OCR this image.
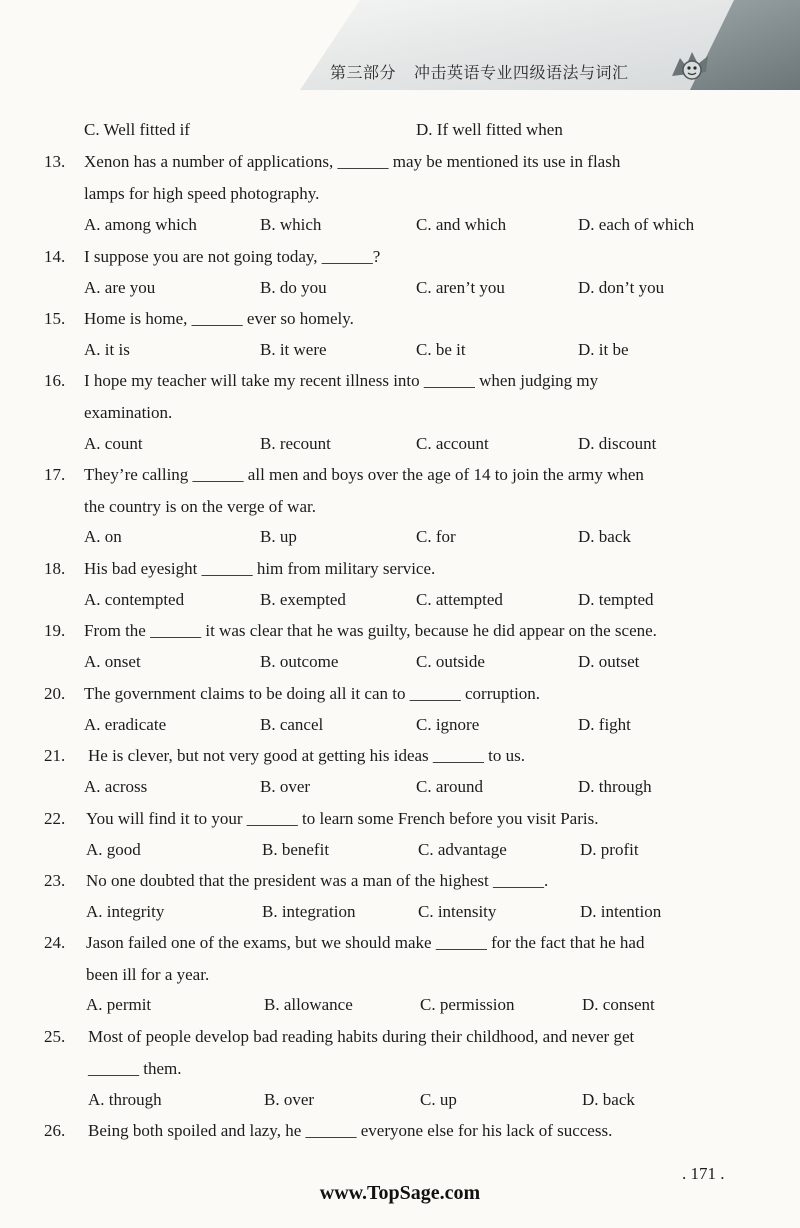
第三部分 冲击英语专业四级语法与词汇
C. Well fitted if	D. If well fitted when
13. Xenon has a number of applications, ______ may be mentioned its use in flash
lamps for high speed photography.
A. among which	B. which	C. and which	D. each of which
14. I suppose you are not going today, ______?
A. are you	B. do you	C. aren’t you	D. don’t you
15. Home is home, ______ ever so homely.
A. it is	B. it were	C. be it	D. it be
16. I hope my teacher will take my recent illness into ______ when judging my
examination.
A. count	B. recount	C. account	D. discount
17. They’re calling ______ all men and boys over the age of 14 to join the army when
the country is on the verge of war.
A. on	B. up	C. for	D. back
18. His bad eyesight ______ him from military service.
A. contempted	B. exempted	C. attempted	D. tempted
19. From the ______ it was clear that he was guilty, because he did appear on the scene.
A. onset	B. outcome	C. outside	D. outset
20. The government claims to be doing all it can to ______ corruption.
A. eradicate	B. cancel	C. ignore	D. fight
21. He is clever, but not very good at getting his ideas ______ to us.
A. across	B. over	C. around	D. through
22. You will find it to your ______ to learn some French before you visit Paris.
A. good	B. benefit	C. advantage	D. profit
23. No one doubted that the president was a man of the highest ______.
A. integrity	B. integration	C. intensity	D. intention
24. Jason failed one of the exams, but we should make ______ for the fact that he had
been ill for a year.
A. permit	B. allowance	C. permission	D. consent
25. Most of people develop bad reading habits during their childhood, and never get
______ them.
A. through	B. over	C. up	D. back
26. Being both spoiled and lazy, he ______ everyone else for his lack of success.
. 171 .
www.TopSage.com
